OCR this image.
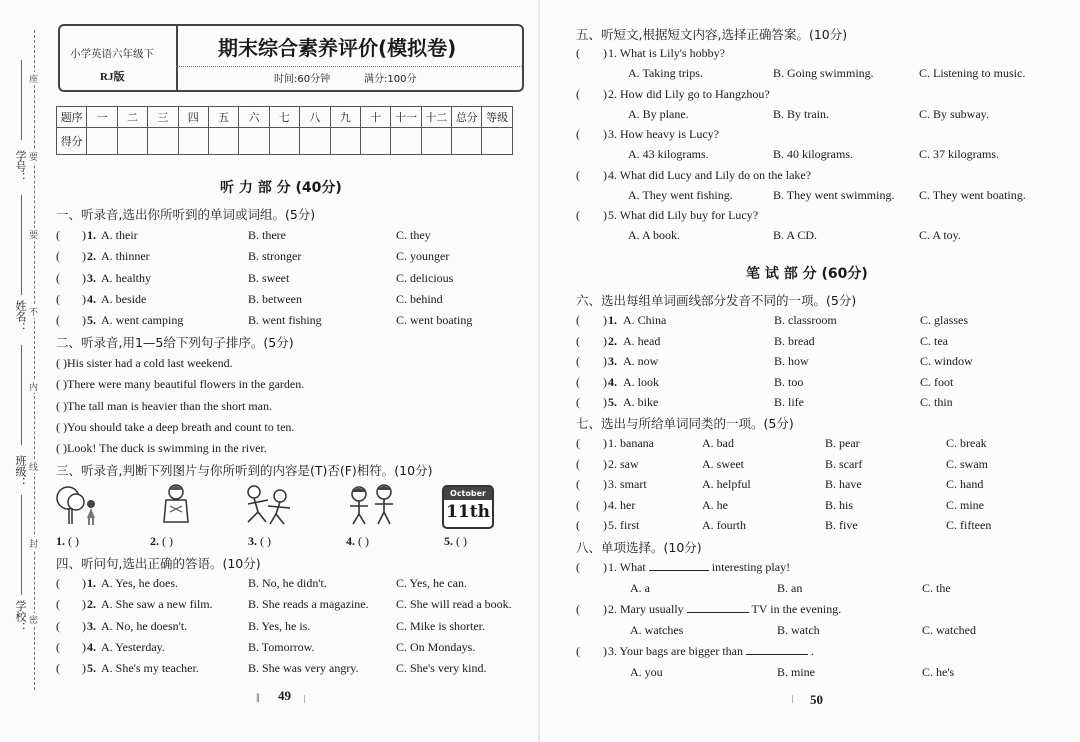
座
学号： 要
要
姓名： 不
内
班级： 线
封
学校： 密
小学英语六年级下
RJ版
期末综合素养评价(模拟卷)
时间:60分钟	满分:100分
题序	一	二	三	四	五	六	七	八	九	十	十一	十二	总分	等级
得分														
听 力 部 分 (40分)
一、听录音,选出你所听到的单词或词组。(5分)
( ) 1. A. their	B. there	C. they
( ) 2. A. thinner	B. stronger	C. younger
( ) 3. A. healthy	B. sweet	C. delicious
( ) 4. A. beside	B. between	C. behind
( ) 5. A. went camping	B. went fishing	C. went boating
二、听录音,用1—5给下列句子排序。(5分)
( )His sister had a cold last weekend.
( )There were many beautiful flowers in the garden.
( )The tall man is heavier than the short man.
( )You should take a deep breath and count to ten.
( )Look! The duck is swimming in the river.
三、听录音,判断下列图片与你所听到的内容是(T)否(F)相符。(10分)
October
11th
1. ( )	2. ( )	3. ( )	4. ( )	5. ( )
四、听问句,选出正确的答语。(10分)
( ) 1. A. Yes, he does.	B. No, he didn't.	C. Yes, he can.
( ) 2. A. She saw a new film.	B. She reads a magazine. C. She will read a book.
( ) 3. A. No, he doesn't.	B. Yes, he is.	C. Mike is shorter.
( ) 4. A. Yesterday.	B. Tomorrow.	C. On Mondays.
( ) 5. A. She's my teacher.	B. She was very angry.	C. She's very kind.
‖ 49 |
五、听短文,根据短文内容,选择正确答案。(10分)
( ) 1. What is Lily's hobby?
A. Taking trips.	B. Going swimming.	C. Listening to music.
( ) 2. How did Lily go to Hangzhou?
A. By plane.	B. By train.	C. By subway.
( ) 3. How heavy is Lucy?
A. 43 kilograms.	B. 40 kilograms.	C. 37 kilograms.
( ) 4. What did Lucy and Lily do on the lake?
A. They went fishing.	B. They went swimming. C. They went boating.
( ) 5. What did Lily buy for Lucy?
A. A book.	B. A CD.	C. A toy.
笔 试 部 分 (60分)
六、选出每组单词画线部分发音不同的一项。(5分)
( ) 1. A. China	B. classroom	C. glasses
( ) 2. A. head	B. bread	C. tea
( ) 3. A. now	B. how	C. window
( ) 4. A. look	B. too	C. foot
( ) 5. A. bike	B. life	C. thin
七、选出与所给单词同类的一项。(5分)
( ) 1. banana	A. bad	B. pear	C. break
( ) 2. saw	A. sweet	B. scarf	C. swam
( ) 3. smart	A. helpful	B. have	C. hand
( ) 4. her	A. he	B. his	C. mine
( ) 5. first	A. fourth	B. five	C. fifteen
八、单项选择。(10分)
( ) 1. What	interesting play!
A. a	B. an	C. the
( ) 2. Mary usually	TV in the evening.
A. watches	B. watch	C. watched
( ) 3. Your bags are bigger than	.
A. you	B. mine	C. he's
| 50
